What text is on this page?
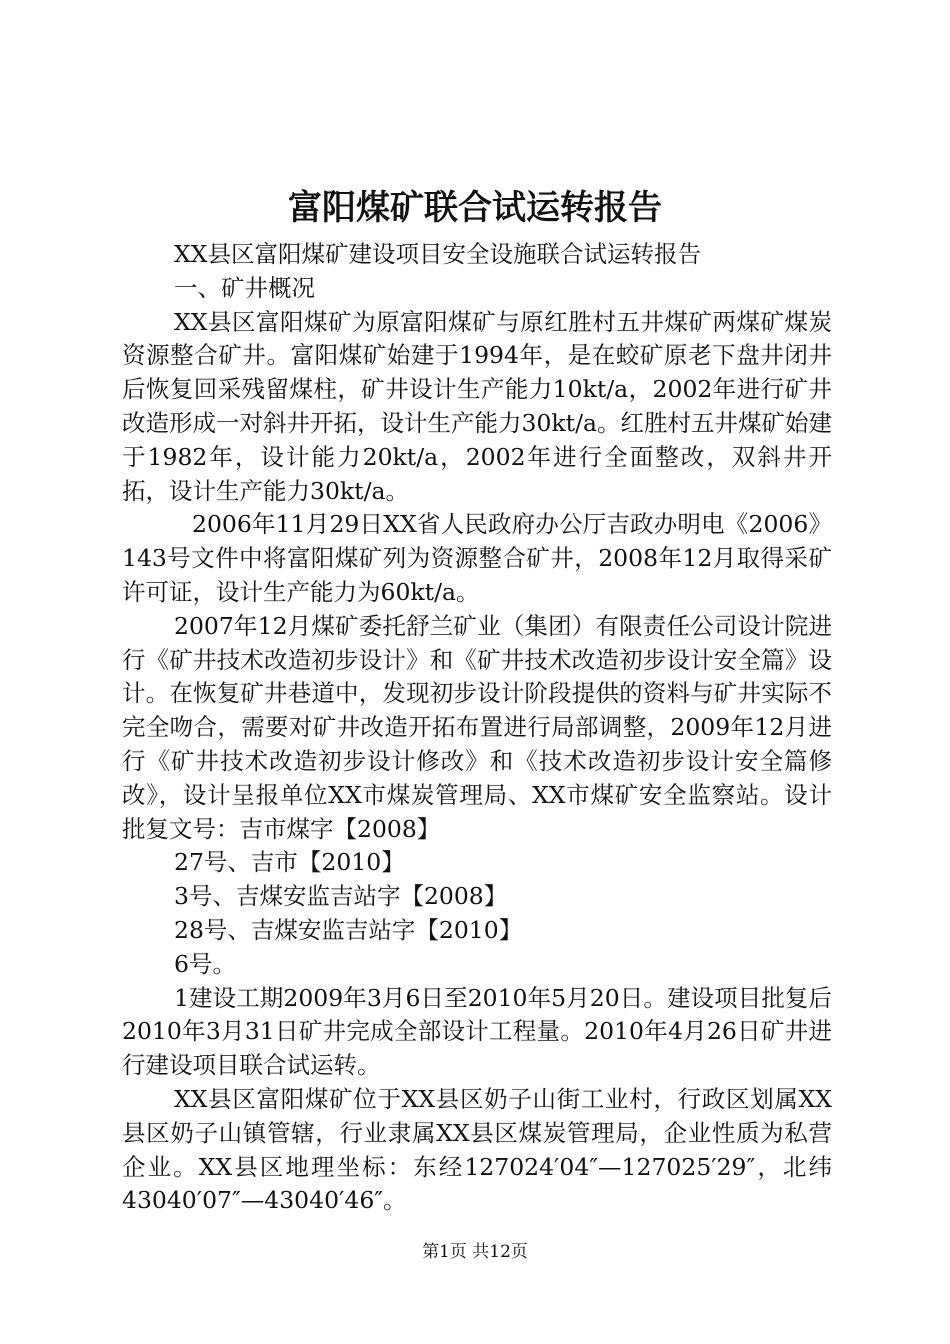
富阳煤矿联合试运转报告

XX县区富阳煤矿建设项目安全设施联合试运转报告

一、矿井概况

XX县区富阳煤矿为原富阳煤矿与原红胜村五井煤矿两煤矿煤炭资源整合矿井。富阳煤矿始建于1994年，是在蛟矿原老下盘井闭井后恢复回采残留煤柱，矿井设计生产能力10kt/a，2002年进行矿井改造形成一对斜井开拓，设计生产能力30kt/a。红胜村五井煤矿始建于1982年，设计能力20kt/a，2002年进行全面整改，双斜井开拓，设计生产能力30kt/a。

2006年11月29日XX省人民政府办公厅吉政办明电《2006》143号文件中将富阳煤矿列为资源整合矿井，2008年12月取得采矿许可证，设计生产能力为60kt/a。

2007年12月煤矿委托舒兰矿业（集团）有限责任公司设计院进行《矿井技术改造初步设计》和《矿井技术改造初步设计安全篇》设计。在恢复矿井巷道中，发现初步设计阶段提供的资料与矿井实际不完全吻合，需要对矿井改造开拓布置进行局部调整，2009年12月进行《矿井技术改造初步设计修改》和《技术改造初步设计安全篇修改》，设计呈报单位XX市煤炭管理局、XX市煤矿安全监察站。设计批复文号：吉市煤字【2008】

27号、吉市【2010】

3号、吉煤安监吉站字【2008】

28号、吉煤安监吉站字【2010】

6号。

1建设工期2009年3月6日至2010年5月20日。建设项目批复后2010年3月31日矿井完成全部设计工程量。2010年4月26日矿井进行建设项目联合试运转。

XX县区富阳煤矿位于XX县区奶子山街工业村，行政区划属XX县区奶子山镇管辖，行业隶属XX县区煤炭管理局，企业性质为私营企业。XX县区地理坐标：东经127024′04″—127025′29″，北纬43040′07″—43040′46″。

第1页 共12页
